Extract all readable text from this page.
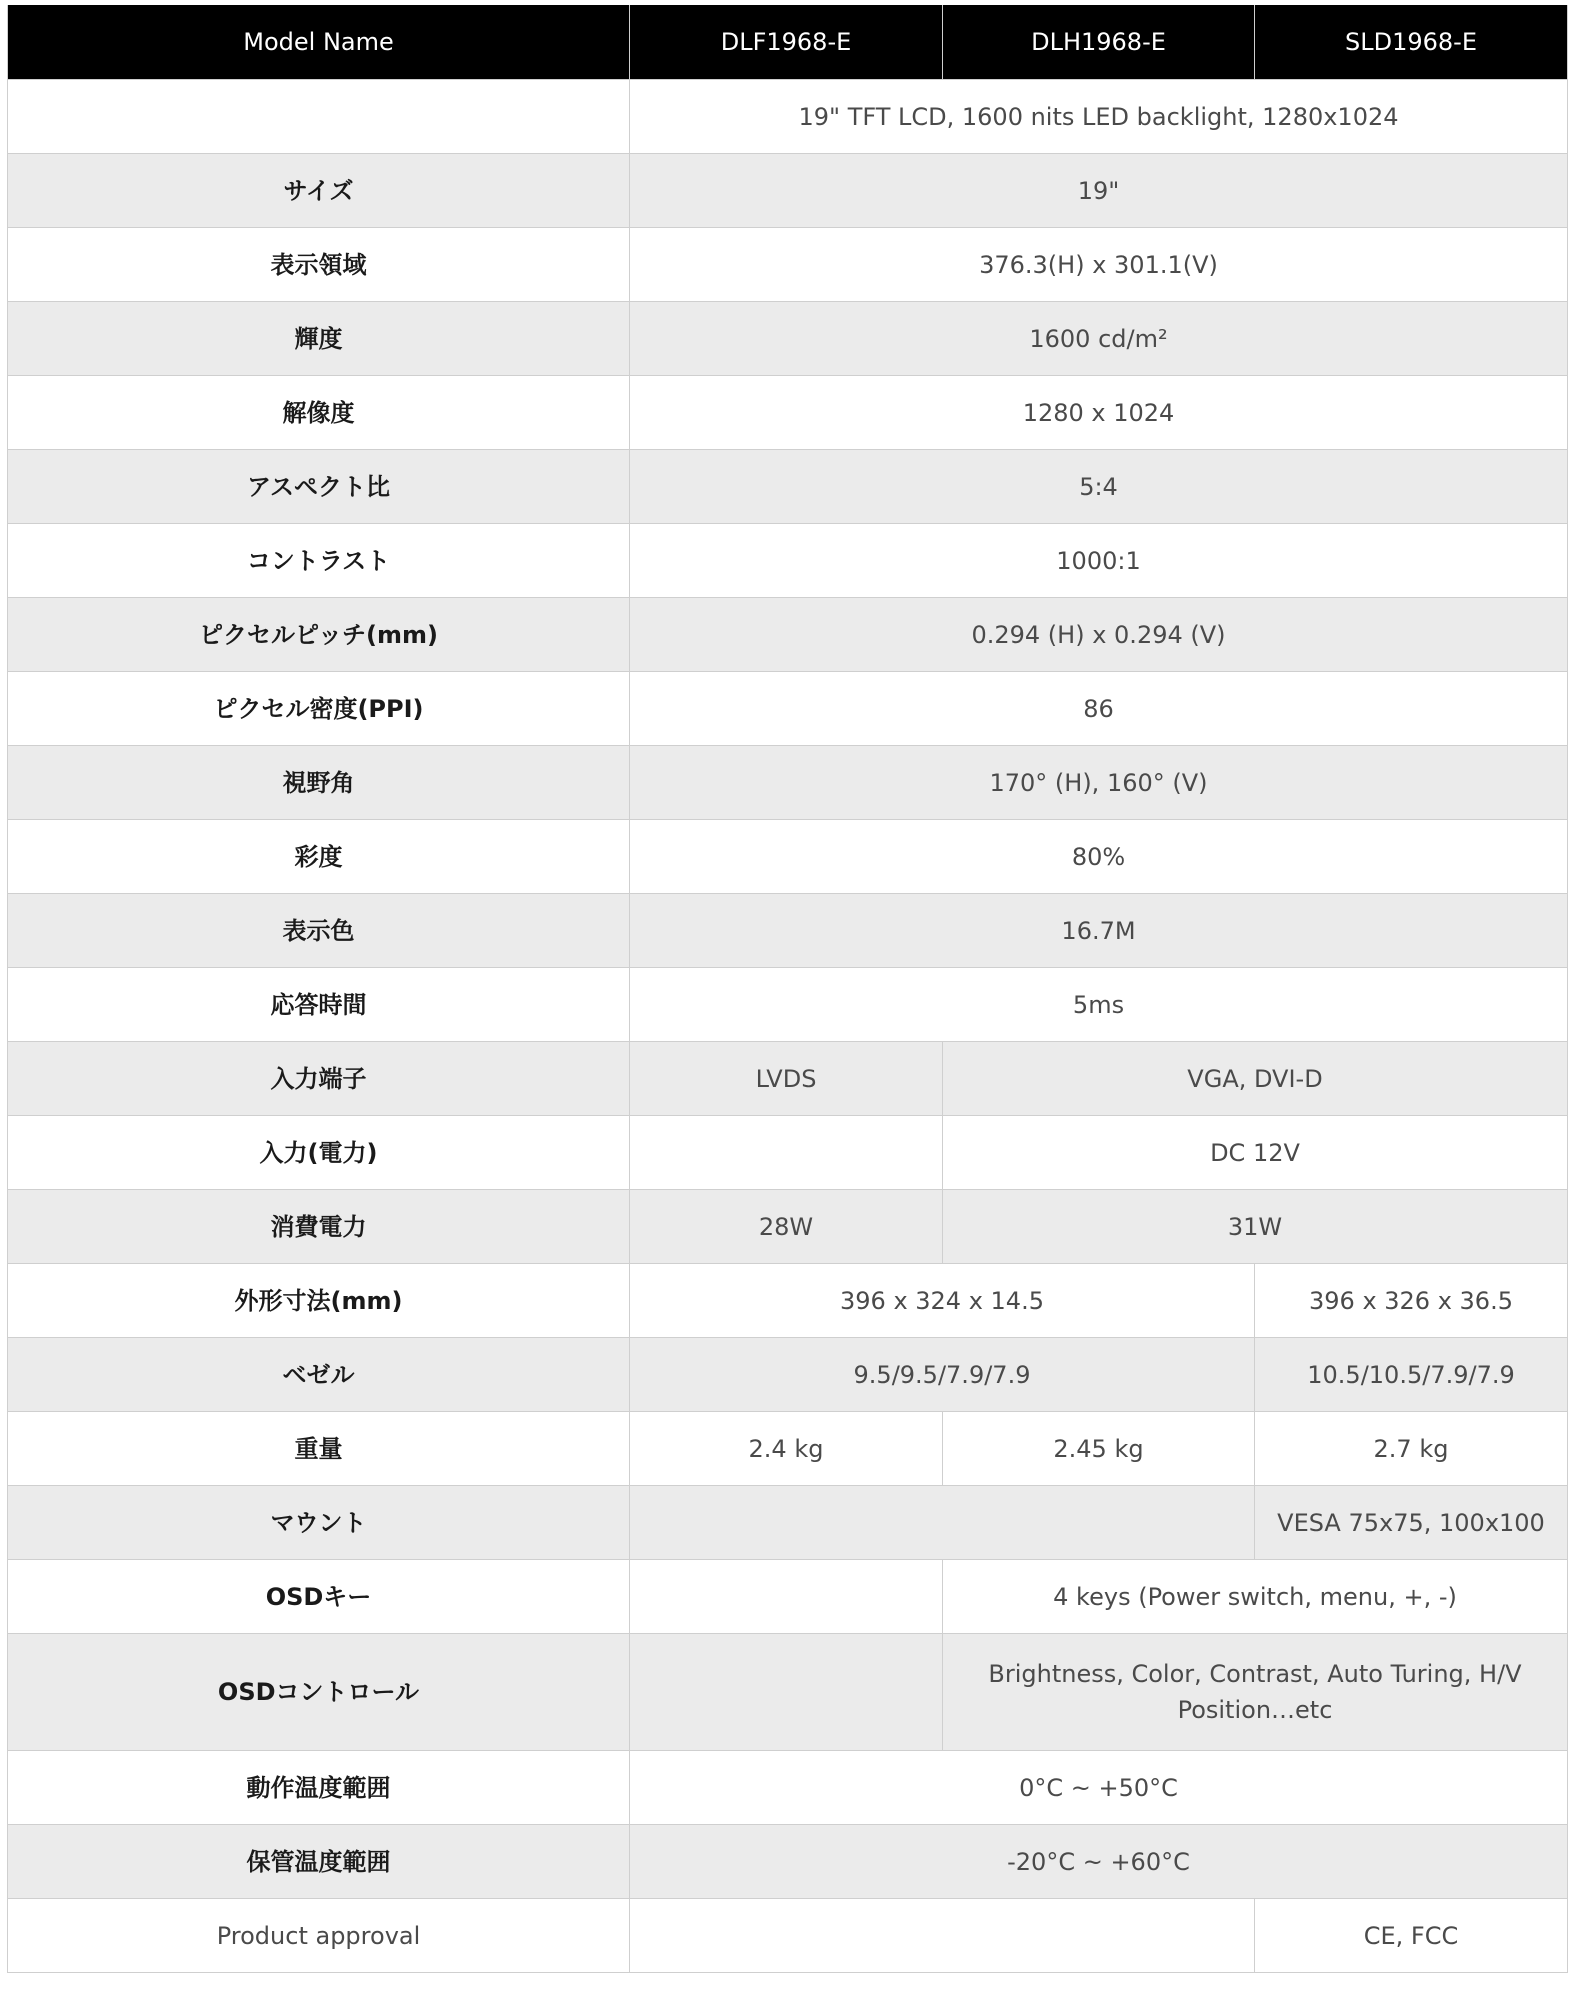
Model Name	DLF1968-E	DLH1968-E	SLD1968-E
	19" TFT LCD, 1600 nits LED backlight, 1280x1024		
サイズ	19"		
表示領域	376.3(H) x 301.1(V)		
輝度	1600 cd/m²		
解像度	1280 x 1024		
アスペクト比	5:4		
コントラスト	1000:1		
ピクセルピッチ(mm)	0.294 (H) x 0.294 (V)		
ピクセル密度(PPI)	86		
視野角	170° (H), 160° (V)		
彩度	80%		
表示色	16.7M		
応答時間	5ms		
入力端子	LVDS	VGA, DVI-D	
入力(電力)		DC 12V	
消費電力	28W	31W	
外形寸法(mm)	396 x 324 x 14.5		396 x 326 x 36.5
ベゼル	9.5/9.5/7.9/7.9		10.5/10.5/7.9/7.9
重量	2.4 kg	2.45 kg	2.7 kg
マウント			VESA 75x75, 100x100
OSDキー		4 keys (Power switch, menu, +, -)	
OSDコントロール		Brightness, Color, Contrast, Auto Turing, H/V Position…etc	
動作温度範囲	0°C ~ +50°C		
保管温度範囲	-20°C ~ +60°C		
Product approval			CE, FCC
